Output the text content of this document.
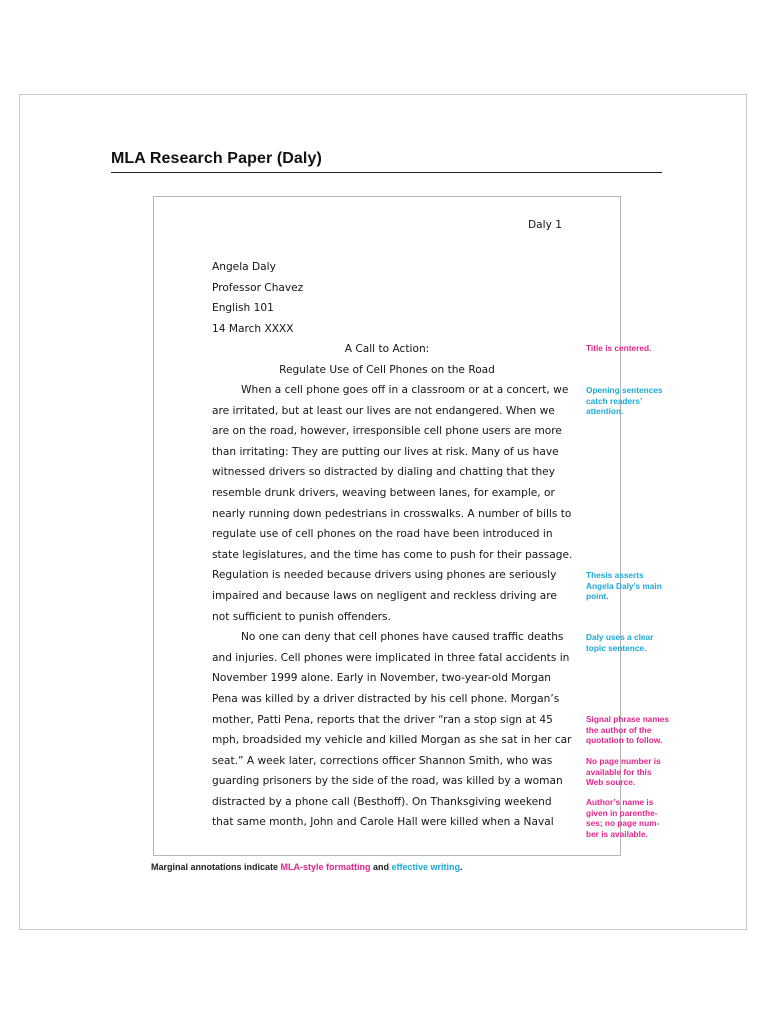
MLA Research Paper (Daly)
Daly 1
Angela Daly
Professor Chavez
English 101
14 March XXXX
A Call to Action:
Regulate Use of Cell Phones on the Road
When a cell phone goes off in a classroom or at a concert, we
are irritated, but at least our lives are not endangered. When we
are on the road, however, irresponsible cell phone users are more
than irritating: They are putting our lives at risk. Many of us have
witnessed drivers so distracted by dialing and chatting that they
resemble drunk drivers, weaving between lanes, for example, or
nearly running down pedestrians in crosswalks. A number of bills to
regulate use of cell phones on the road have been introduced in
state legislatures, and the time has come to push for their passage.
Regulation is needed because drivers using phones are seriously
impaired and because laws on negligent and reckless driving are
not sufficient to punish offenders.
No one can deny that cell phones have caused traffic deaths
and injuries. Cell phones were implicated in three fatal accidents in
November 1999 alone. Early in November, two-year-old Morgan
Pena was killed by a driver distracted by his cell phone. Morgan’s
mother, Patti Pena, reports that the driver “ran a stop sign at 45
mph, broadsided my vehicle and killed Morgan as she sat in her car
seat.” A week later, corrections officer Shannon Smith, who was
guarding prisoners by the side of the road, was killed by a woman
distracted by a phone call (Besthoff). On Thanksgiving weekend
that same month, John and Carole Hall were killed when a Naval
Title is centered.
Opening sentences
catch readers’
attention.
Thesis asserts
Angela Daly’s main
point.
Daly uses a clear
topic sentence.
Signal phrase names
the author of the
quotation to follow.
No page number is
available for this
Web source.
Author’s name is
given in parenthe-
ses; no page num-
ber is available.
Marginal annotations indicate MLA-style formatting and effective writing.
